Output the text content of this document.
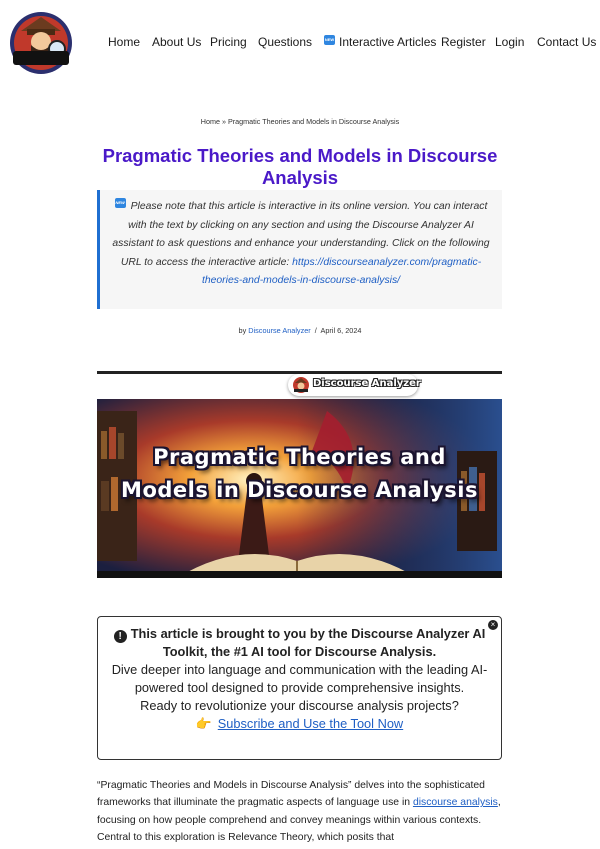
Home About Us Pricing Questions
NEW	Interactive Articles Register Login Contact Us
Home » Pragmatic Theories and Models in Discourse Analysis
Pragmatic Theories and Models in Discourse Analysis
NEWPlease note that this article is interactive in its online version. You can interact with the text by clicking on any section and using the Discourse Analyzer AI assistant to ask questions and enhance your understanding. Click on the following URL to access the interactive article: https://discourseanalyzer.com/pragmatic-theories-and-models-in-discourse-analysis/
by Discourse Analyzer / April 6, 2024
Discourse Analyzer
Pragmatic Theories and
Models in Discourse Analysis
×
! This article is brought to you by the Discourse Analyzer AI Toolkit, the #1 AI tool for Discourse Analysis.
Dive deeper into language and communication with the leading AI-powered tool designed to provide comprehensive insights.
Ready to revolutionize your discourse analysis projects?
👉 Subscribe and Use the Tool Now
“Pragmatic Theories and Models in Discourse Analysis” delves into the sophisticated frameworks that illuminate the pragmatic aspects of language use in discourse analysis, focusing on how people comprehend and convey meanings within various contexts. Central to this exploration is Relevance Theory, which posits that
